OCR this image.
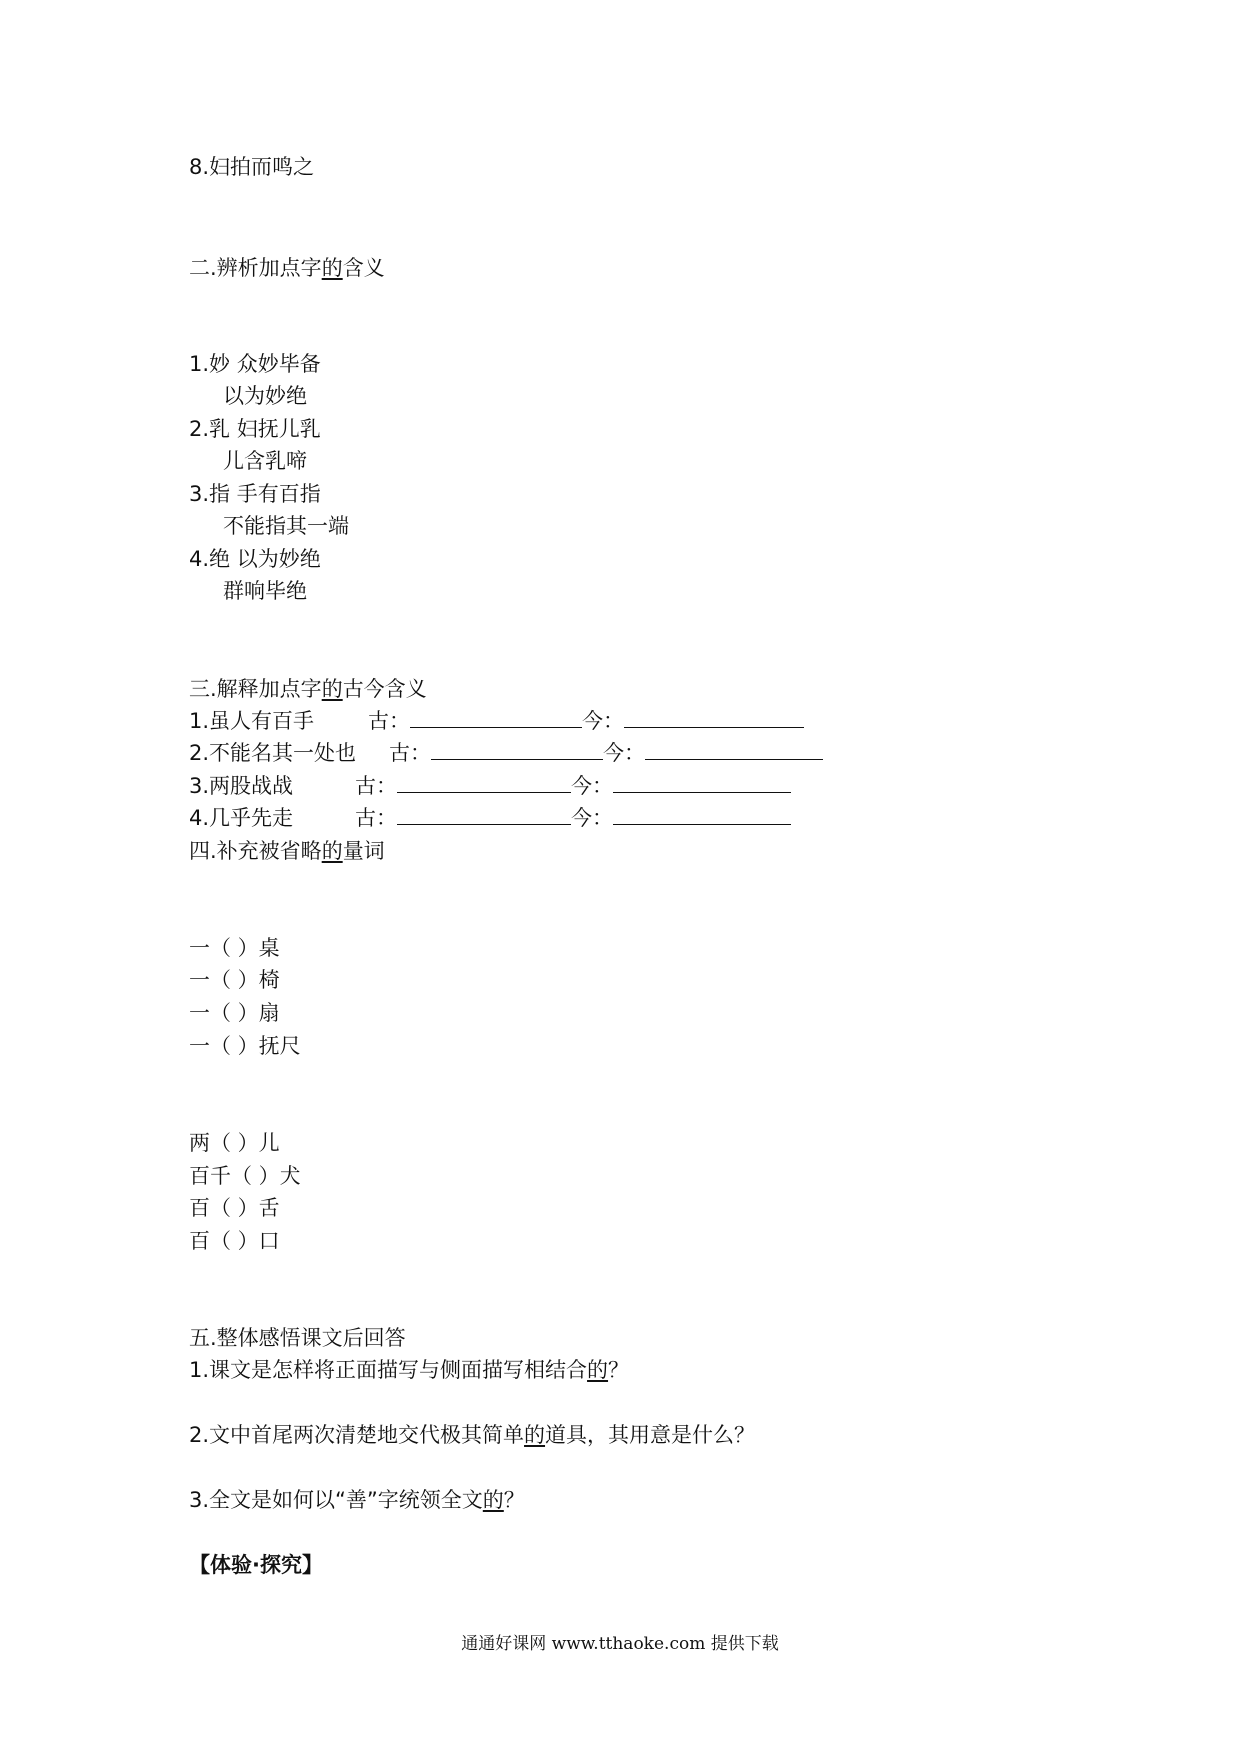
8.妇拍而鸣之
二.辨析加点字的含义
1.妙 众妙毕备
以为妙绝
2.乳 妇抚儿乳
儿含乳啼
3.指 手有百指
不能指其一端
4.绝 以为妙绝
群响毕绝
三.解释加点字的古今含义
1.虽人有百手	古：	今：
2.不能名其一处也 古：	今：
3.两股战战	古：	今：
4.几乎先走	古：	今：
四.补充被省略的量词
一（ ）桌
一（ ）椅
一（ ）扇
一（ ）抚尺
两（ ）儿
百千（ ）犬
百（ ）舌
百（ ）口
五.整体感悟课文后回答
1.课文是怎样将正面描写与侧面描写相结合的？
2.文中首尾两次清楚地交代极其简单的道具，其用意是什么？
3.全文是如何以“善”字统领全文的？
【体验·探究】
通通好课网 www.tthaoke.com 提供下载
